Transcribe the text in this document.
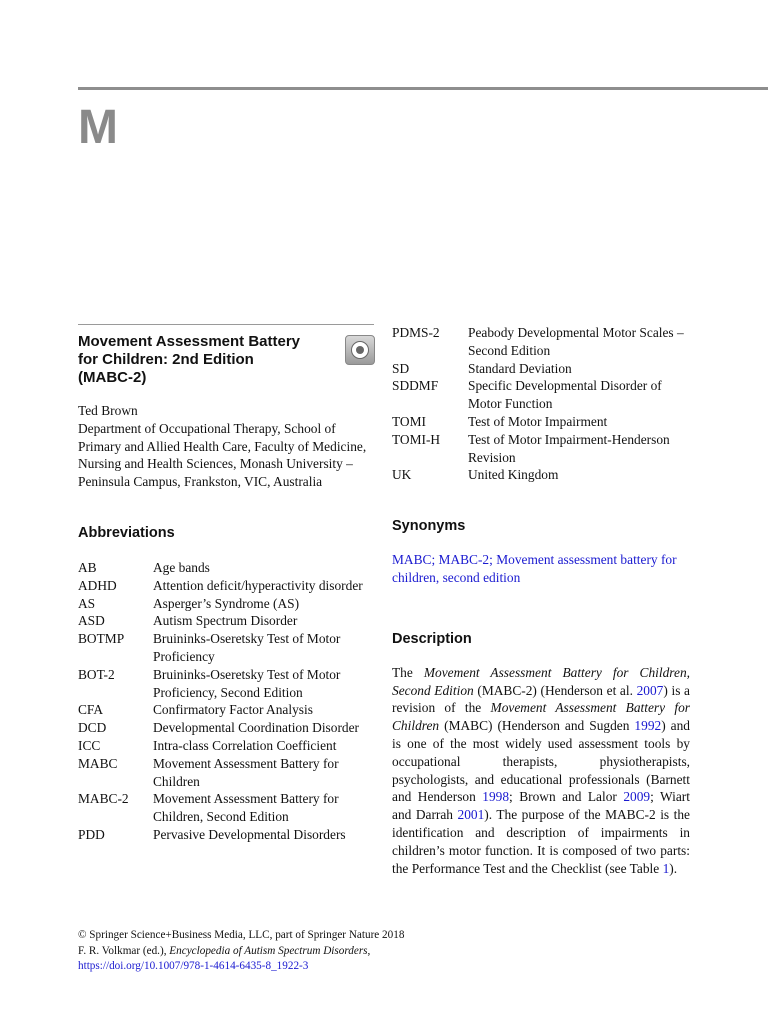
M
Movement Assessment Battery for Children: 2nd Edition (MABC-2)
Ted Brown
Department of Occupational Therapy, School of Primary and Allied Health Care, Faculty of Medicine, Nursing and Health Sciences, Monash University – Peninsula Campus, Frankston, VIC, Australia
Abbreviations
AB	Age bands
ADHD	Attention deficit/hyperactivity disorder
AS	Asperger’s Syndrome (AS)
ASD	Autism Spectrum Disorder
BOTMP	Bruininks-Oseretsky Test of Motor Proficiency
BOT-2	Bruininks-Oseretsky Test of Motor Proficiency, Second Edition
CFA	Confirmatory Factor Analysis
DCD	Developmental Coordination Disorder
ICC	Intra-class Correlation Coefficient
MABC	Movement Assessment Battery for Children
MABC-2	Movement Assessment Battery for Children, Second Edition
PDD	Pervasive Developmental Disorders
PDMS-2	Peabody Developmental Motor Scales – Second Edition
SD	Standard Deviation
SDDMF	Specific Developmental Disorder of Motor Function
TOMI	Test of Motor Impairment
TOMI-H	Test of Motor Impairment-Henderson Revision
UK	United Kingdom
Synonyms

MABC; MABC-2; Movement assessment battery for children, second edition

Description

The Movement Assessment Battery for Children, Second Edition (MABC-2) (Henderson et al. 2007) is a revision of the Movement Assessment Battery for Children (MABC) (Henderson and Sugden 1992) and is one of the most widely used assessment tools by occupational therapists, physiotherapists, psychologists, and educational professionals (Barnett and Henderson 1998; Brown and Lalor 2009; Wiart and Darrah 2001). The purpose of the MABC-2 is the identification and description of impairments in children’s motor function. It is composed of two parts: the Performance Test and the Checklist (see Table 1).

© Springer Science+Business Media, LLC, part of Springer Nature 2018
F. R. Volkmar (ed.), Encyclopedia of Autism Spectrum Disorders,
https://doi.org/10.1007/978-1-4614-6435-8_1922-3
